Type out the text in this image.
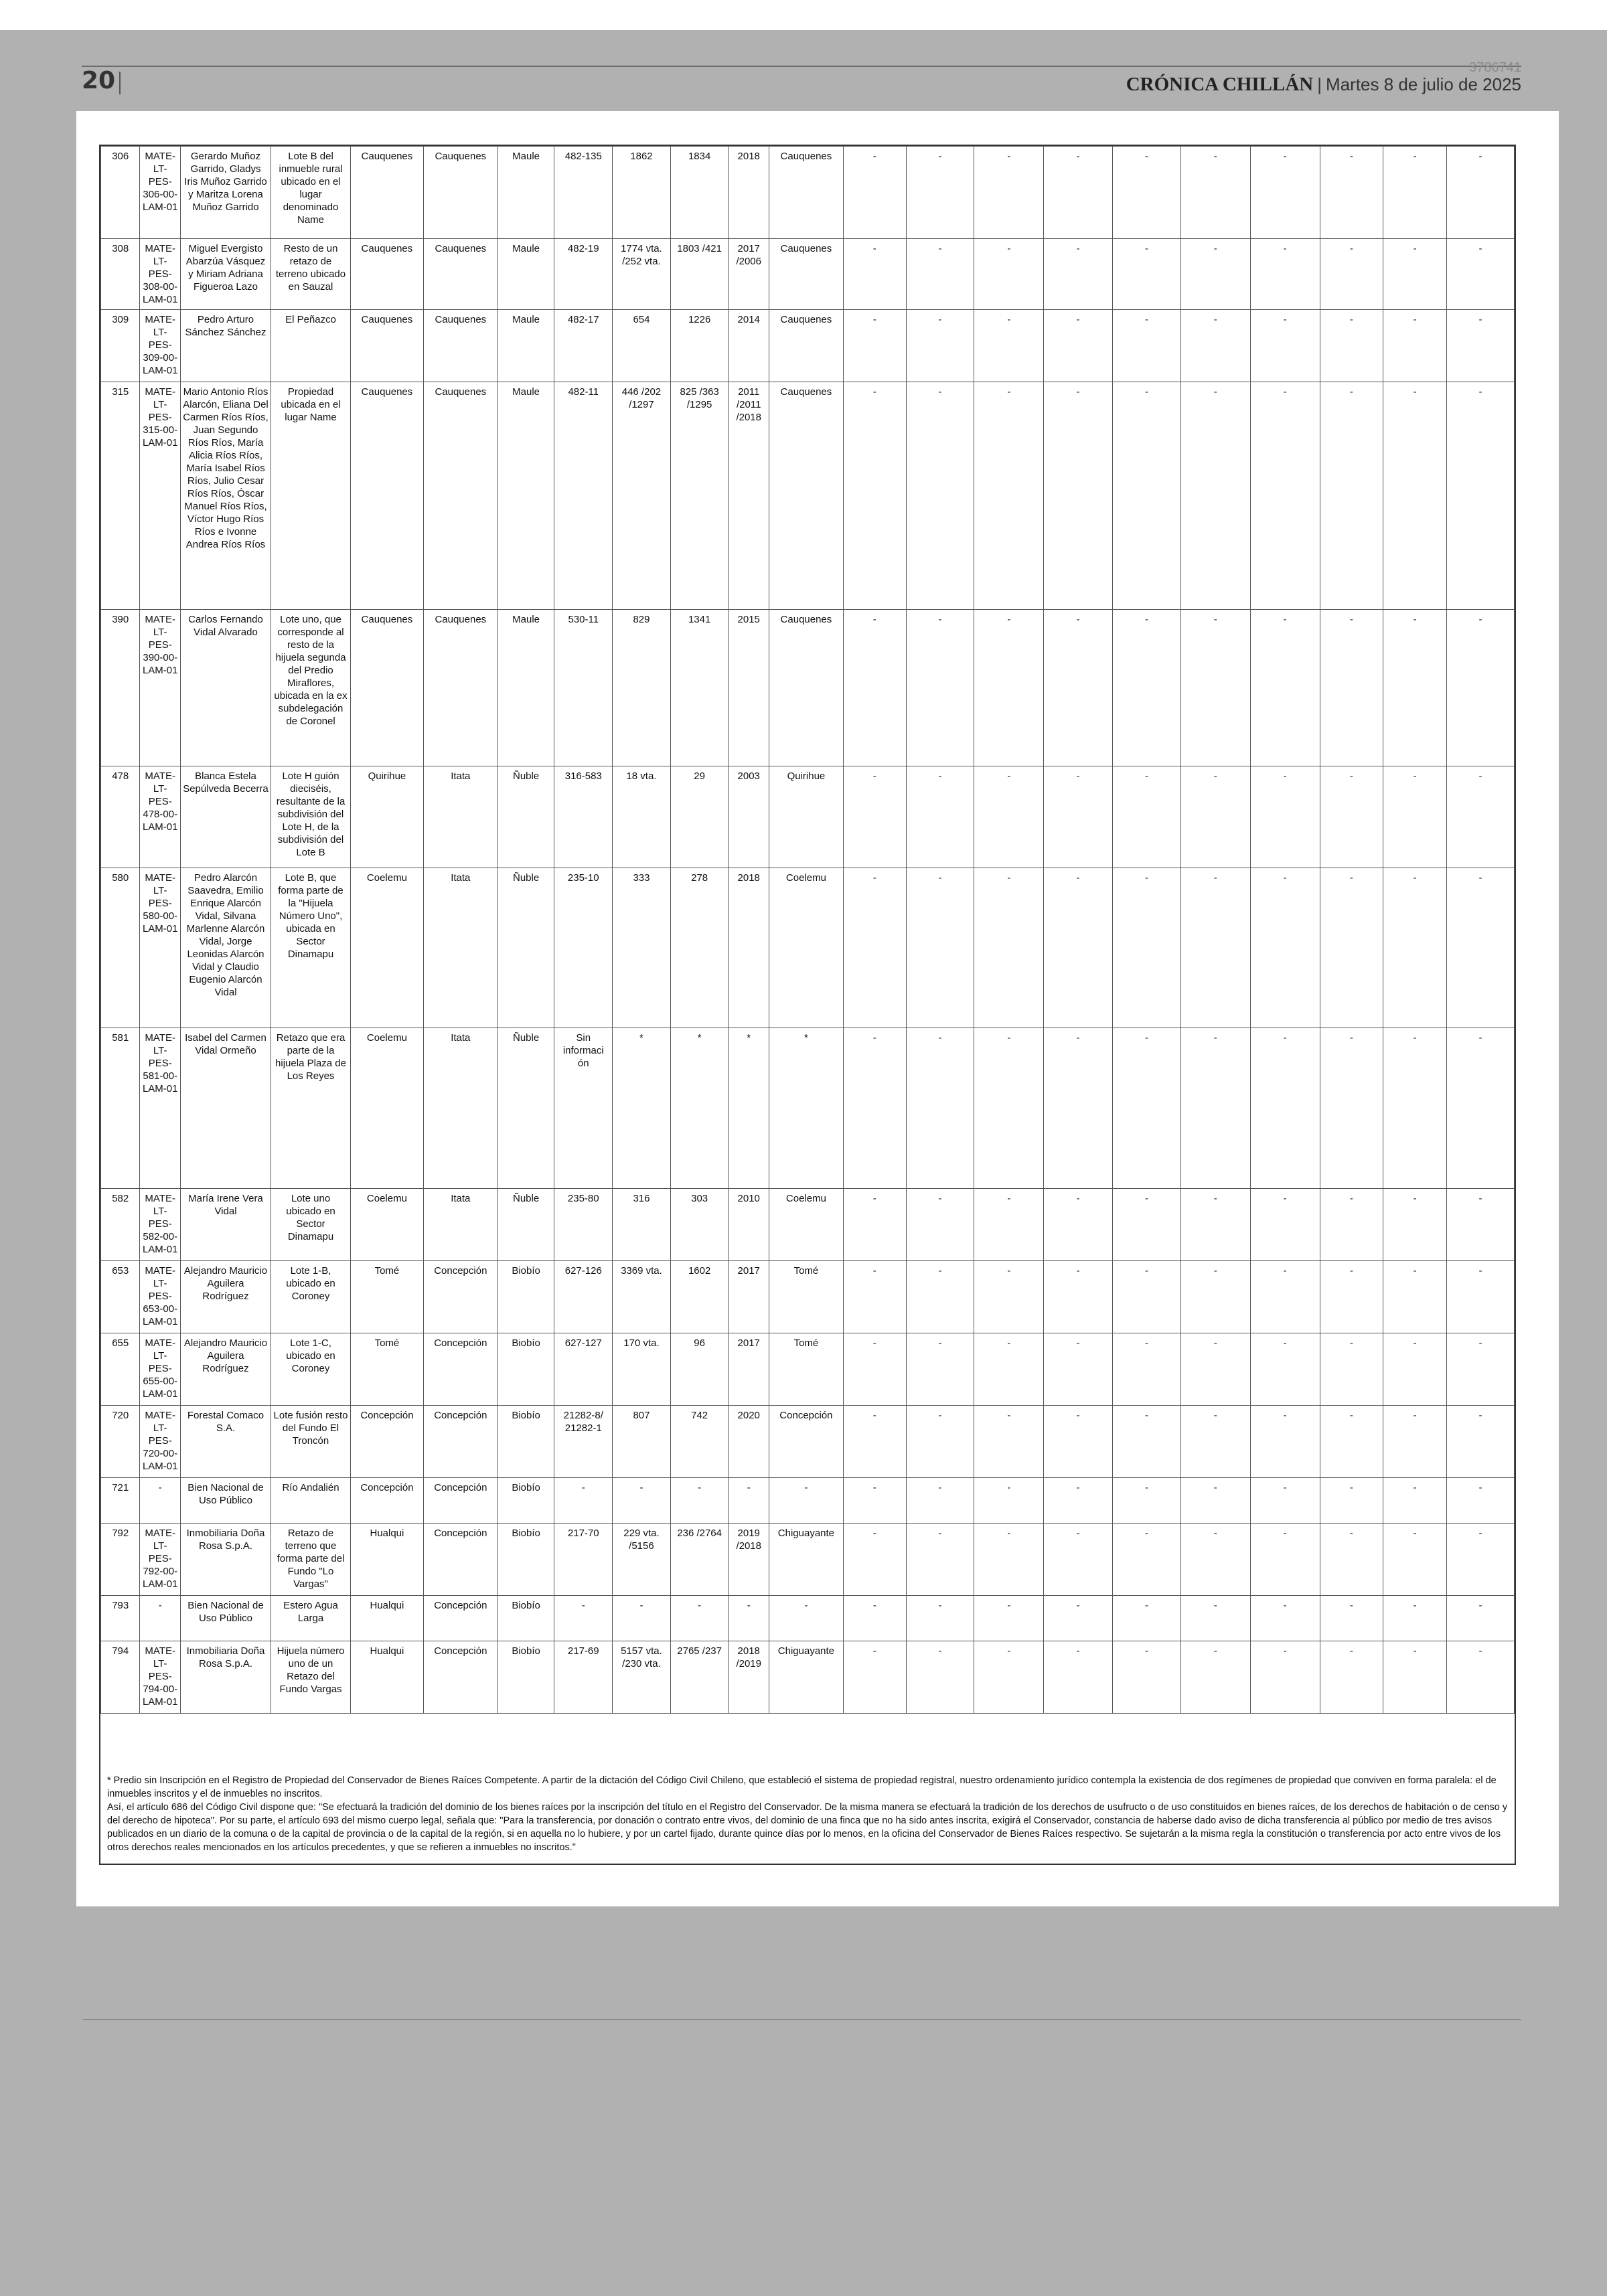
20	3786741
CRÓNICA CHILLÁN | Martes 8 de julio de 2025
306	MATE-LT-PES-306-00-LAM-01	Gerardo Muñoz Garrido, Gladys Iris Muñoz Garrido y Maritza Lorena Muñoz Garrido	Lote B del inmueble rural ubicado en el lugar denominado Name	Cauquenes	Cauquenes	Maule	482-135	1862	1834	2018	Cauquenes	-	-	-	-	-	-	-	-	-	-
308	MATE-LT-PES-308-00-LAM-01	Miguel Evergisto Abarzúa Vásquez y Miriam Adriana Figueroa Lazo	Resto de un retazo de terreno ubicado en Sauzal	Cauquenes	Cauquenes	Maule	482-19	1774 vta. /252 vta.	1803 /421	2017 /2006	Cauquenes	-	-	-	-	-	-	-	-	-	-
309	MATE-LT-PES-309-00-LAM-01	Pedro Arturo Sánchez Sánchez	El Peñazco	Cauquenes	Cauquenes	Maule	482-17	654	1226	2014	Cauquenes	-	-	-	-	-	-	-	-	-	-
315	MATE-LT-PES-315-00-LAM-01	Mario Antonio Ríos Alarcón, Eliana Del Carmen Ríos Ríos, Juan Segundo Ríos Ríos, María Alicia Ríos Ríos, María Isabel Ríos Ríos, Julio Cesar Ríos Ríos, Óscar Manuel Ríos Ríos, Víctor Hugo Ríos Ríos e Ivonne Andrea Ríos Ríos	Propiedad ubicada en el lugar Name	Cauquenes	Cauquenes	Maule	482-11	446 /202 /1297	825 /363 /1295	2011 /2011 /2018	Cauquenes	-	-	-	-	-	-	-	-	-	-
390	MATE-LT-PES-390-00-LAM-01	Carlos Fernando Vidal Alvarado	Lote uno, que corresponde al resto de la hijuela segunda del Predio Miraflores, ubicada en la ex subdelegación de Coronel	Cauquenes	Cauquenes	Maule	530-11	829	1341	2015	Cauquenes	-	-	-	-	-	-	-	-	-	-
478	MATE-LT-PES-478-00-LAM-01	Blanca Estela Sepúlveda Becerra	Lote H guión dieciséis, resultante de la subdivisión del Lote H, de la subdivisión del Lote B	Quirihue	Itata	Ñuble	316-583	18 vta.	29	2003	Quirihue	-	-	-	-	-	-	-	-	-	-
580	MATE-LT-PES-580-00-LAM-01	Pedro Alarcón Saavedra, Emilio Enrique Alarcón Vidal, Silvana Marlenne Alarcón Vidal, Jorge Leonidas Alarcón Vidal y Claudio Eugenio Alarcón Vidal	Lote B, que forma parte de la "Hijuela Número Uno", ubicada en Sector Dinamapu	Coelemu	Itata	Ñuble	235-10	333	278	2018	Coelemu	-	-	-	-	-	-	-	-	-	-
581	MATE-LT-PES-581-00-LAM-01	Isabel del Carmen Vidal Ormeño	Retazo que era parte de la hijuela Plaza de Los Reyes	Coelemu	Itata	Ñuble	Sin informaci ón	*	*	*	*	-	-	-	-	-	-	-	-	-	-
582	MATE-LT-PES-582-00-LAM-01	María Irene Vera Vidal	Lote uno ubicado en Sector Dinamapu	Coelemu	Itata	Ñuble	235-80	316	303	2010	Coelemu	-	-	-	-	-	-	-	-	-	-
653	MATE-LT-PES-653-00-LAM-01	Alejandro Mauricio Aguilera Rodríguez	Lote 1-B, ubicado en Coroney	Tomé	Concepción	Biobío	627-126	3369 vta.	1602	2017	Tomé	-	-	-	-	-	-	-	-	-	-
655	MATE-LT-PES-655-00-LAM-01	Alejandro Mauricio Aguilera Rodríguez	Lote 1-C, ubicado en Coroney	Tomé	Concepción	Biobío	627-127	170 vta.	96	2017	Tomé	-	-	-	-	-	-	-	-	-	-
720	MATE-LT-PES-720-00-LAM-01	Forestal Comaco S.A.	Lote fusión resto del Fundo El Troncón	Concepción	Concepción	Biobío	21282-8/ 21282-1	807	742	2020	Concepción	-	-	-	-	-	-	-	-	-	-
721	-	Bien Nacional de Uso Público	Río Andalién	Concepción	Concepción	Biobío	-	-	-	-	-	-	-	-	-	-	-	-	-	-	-
792	MATE-LT-PES-792-00-LAM-01	Inmobiliaria Doña Rosa S.p.A.	Retazo de terreno que forma parte del Fundo "Lo Vargas"	Hualqui	Concepción	Biobío	217-70	229 vta. /5156	236 /2764	2019 /2018	Chiguayante	-	-	-	-	-	-	-	-	-	-
793	-	Bien Nacional de Uso Público	Estero Agua Larga	Hualqui	Concepción	Biobío	-	-	-	-	-	-	-	-	-	-	-	-	-	-	-
794	MATE-LT-PES-794-00-LAM-01	Inmobiliaria Doña Rosa S.p.A.	Hijuela número uno de un Retazo del Fundo Vargas	Hualqui	Concepción	Biobío	217-69	5157 vta. /230 vta.	2765 /237	2018 /2019	Chiguayante	-	-	-	-	-	-	-	-	-	-

* Predio sin Inscripción en el Registro de Propiedad del Conservador de Bienes Raíces Competente. A partir de la dictación del Código Civil Chileno, que estableció el sistema de propiedad registral, nuestro ordenamiento jurídico contempla la existencia de dos regímenes de propiedad que conviven en forma paralela: el de inmuebles inscritos y el de inmuebles no inscritos.

Así, el artículo 686 del Código Civil dispone que: "Se efectuará la tradición del dominio de los bienes raíces por la inscripción del título en el Registro del Conservador. De la misma manera se efectuará la tradición de los derechos de usufructo o de uso constituidos en bienes raíces, de los derechos de habitación o de censo y del derecho de hipoteca". Por su parte, el artículo 693 del mismo cuerpo legal, señala que: "Para la transferencia, por donación o contrato entre vivos, del dominio de una finca que no ha sido antes inscrita, exigirá el Conservador, constancia de haberse dado aviso de dicha transferencia al público por medio de tres avisos publicados en un diario de la comuna o de la capital de provincia o de la capital de la región, si en aquella no lo hubiere, y por un cartel fijado, durante quince días por lo menos, en la oficina del Conservador de Bienes Raíces respectivo. Se sujetarán a la misma regla la constitución o transferencia por acto entre vivos de los otros derechos reales mencionados en los artículos precedentes, y que se refieren a inmuebles no inscritos."
